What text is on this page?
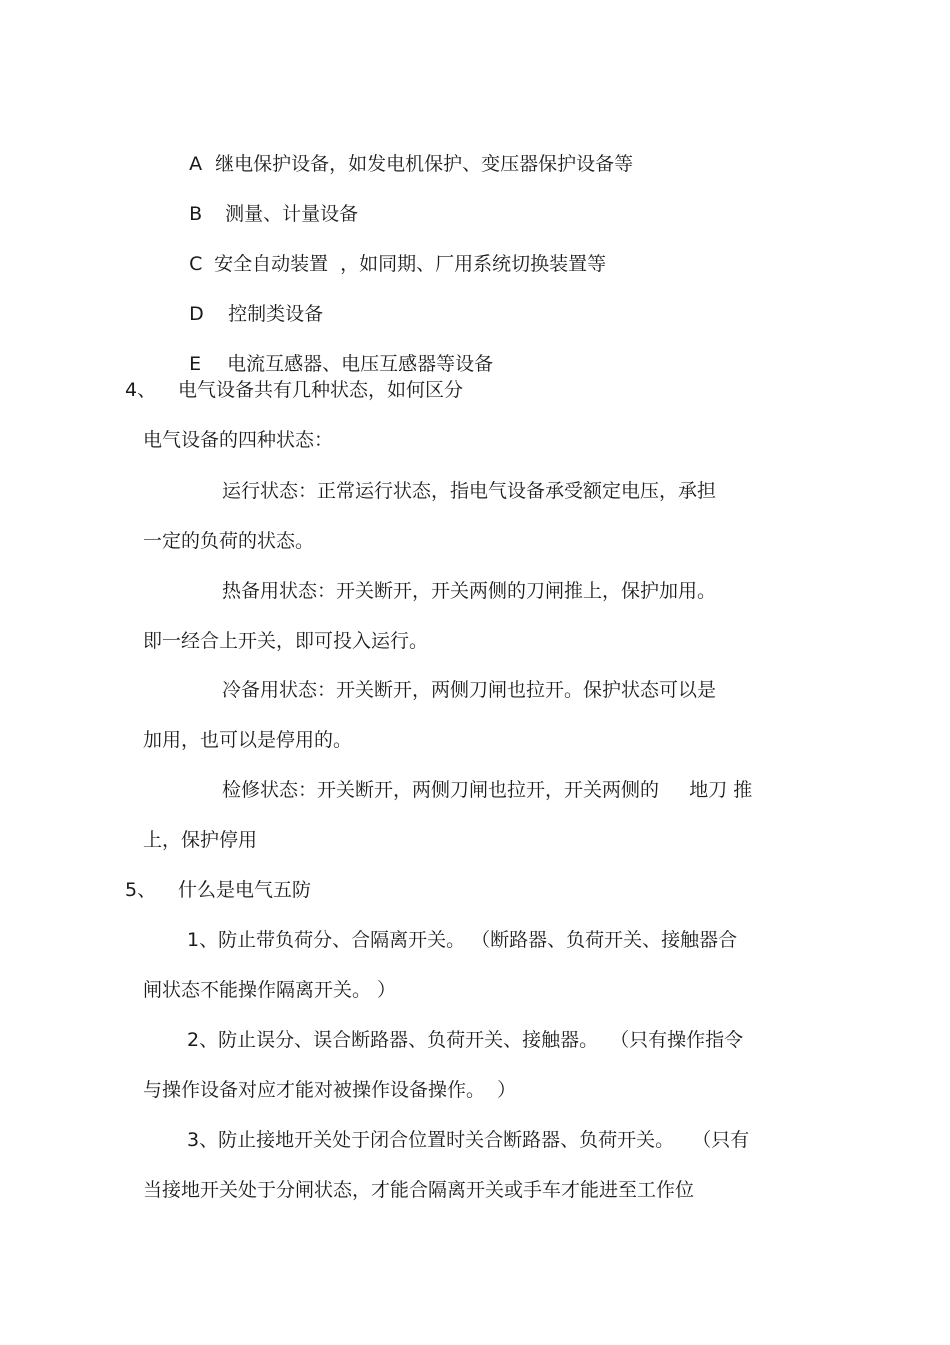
A 继电保护设备，如发电机保护、变压器保护设备等

B 测量、计量设备

C 安全自动装置  ，如同期、厂用系统切换装置等

D 控制类设备

E 电流互感器、电压互感器等设备

4、 电气设备共有几种状态，如何区分
电气设备的四种状态：
运行状态：正常运行状态，指电气设备承受额定电压，承担
一定的负荷的状态。
热备用状态：开关断开，开关两侧的刀闸推上，保护加用。
即一经合上开关，即可投入运行。
冷备用状态：开关断开，两侧刀闸也拉开。保护状态可以是
加用，也可以是停用的。
检修状态：开关断开，两侧刀闸也拉开，开关两侧的     地刀 推
上，保护停用
5、 什么是电气五防
1、防止带负荷分、合隔离开关。 （断路器、负荷开关、接触器合
闸状态不能操作隔离开关。 ）
2、防止误分、误合断路器、负荷开关、接触器。  （只有操作指令
与操作设备对应才能对被操作设备操作。  ）
3、防止接地开关处于闭合位置时关合断路器、负荷开关。   （只有
当接地开关处于分闸状态，才能合隔离开关或手车才能进至工作位
